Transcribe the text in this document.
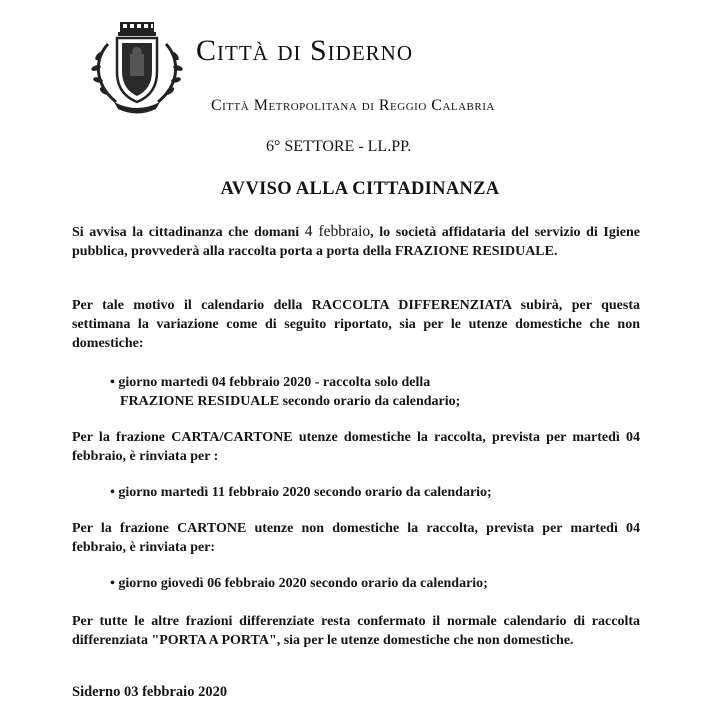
Città di Siderno
Città Metropolitana di Reggio Calabria
6° SETTORE - LL.PP.
AVVISO ALLA CITTADINANZA
Si avvisa la cittadinanza che domani 4 febbraio, lo società affidataria del servizio di Igiene pubblica, provvederà alla raccolta porta a porta della FRAZIONE RESIDUALE.
Per tale motivo il calendario della RACCOLTA DIFFERENZIATA subirà, per questa settimana la variazione come di seguito riportato, sia per le utenze domestiche che non domestiche:
• giorno martedì 04 febbraio 2020 - raccolta solo della
FRAZIONE RESIDUALE secondo orario da calendario;
Per la frazione CARTA/CARTONE utenze domestiche la raccolta, prevista per martedì 04 febbraio, è rinviata per :
• giorno martedì 11 febbraio 2020 secondo orario da calendario;
Per la frazione CARTONE utenze non domestiche la raccolta, prevista per martedì 04 febbraio, è rinviata per:
• giorno giovedì 06 febbraio 2020 secondo orario da calendario;
Per tutte le altre frazioni differenziate resta confermato il normale calendario di raccolta differenziata "PORTA A PORTA", sia per le utenze domestiche che non domestiche.
Siderno 03 febbraio 2020
